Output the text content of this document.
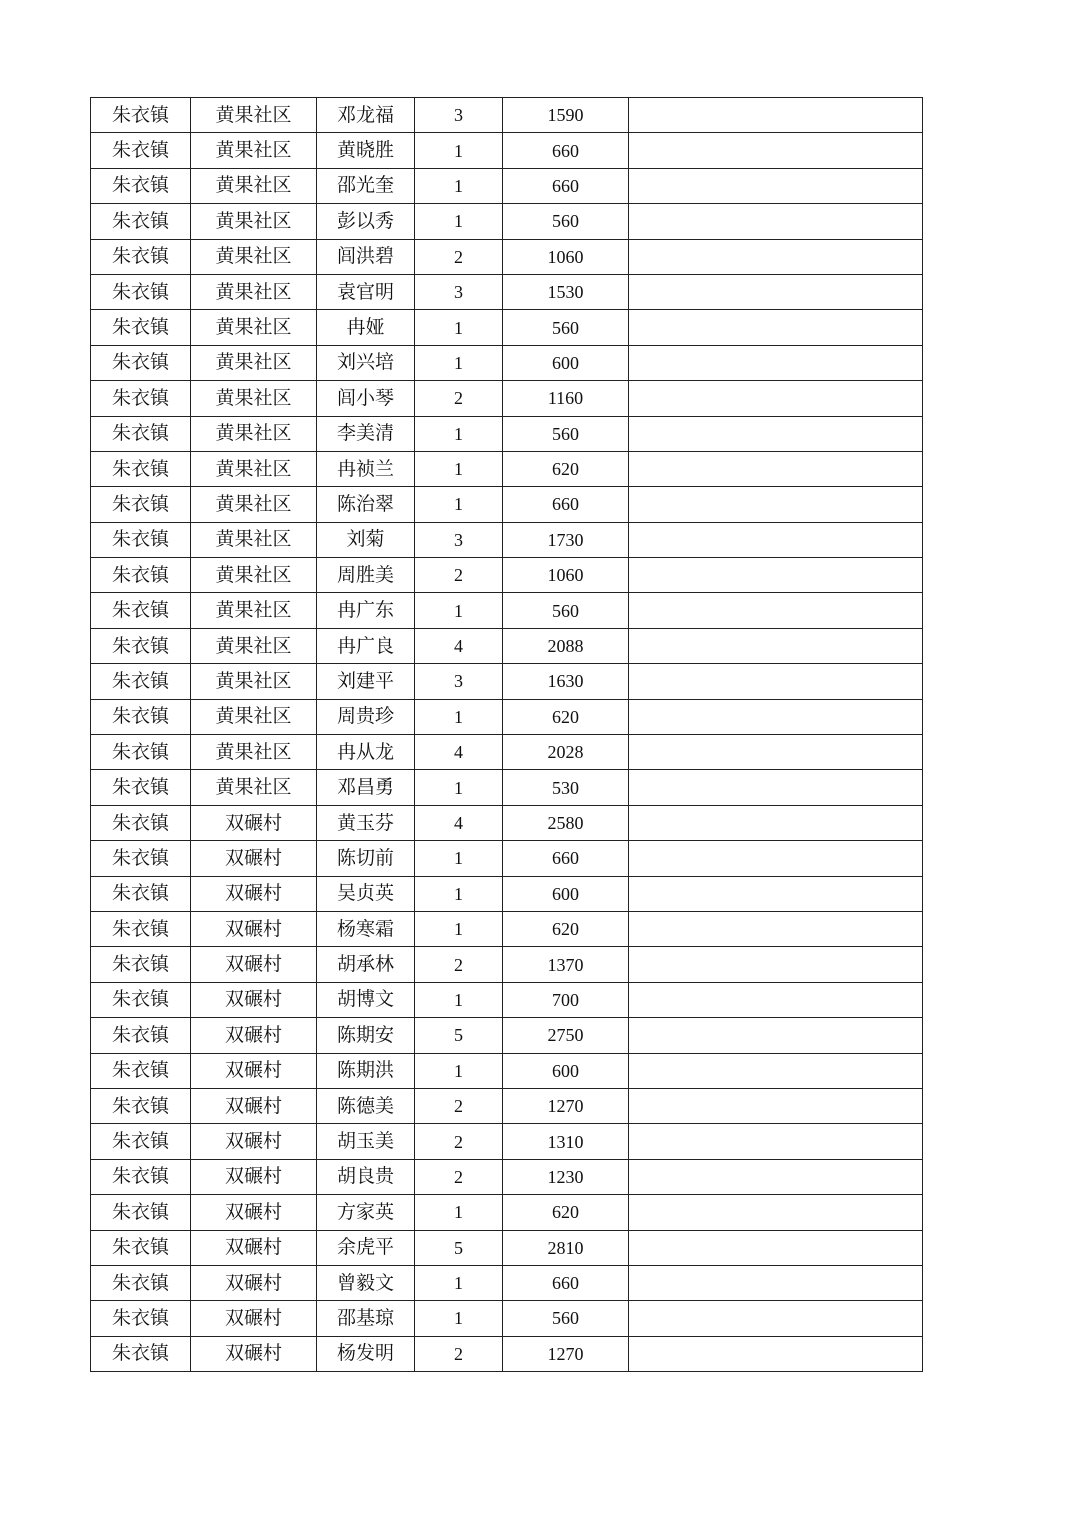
朱衣镇	黄果社区	邓龙福	3	1590	
朱衣镇	黄果社区	黄晓胜	1	660	
朱衣镇	黄果社区	邵光奎	1	660	
朱衣镇	黄果社区	彭以秀	1	560	
朱衣镇	黄果社区	闾洪碧	2	1060	
朱衣镇	黄果社区	袁官明	3	1530	
朱衣镇	黄果社区	冉娅	1	560	
朱衣镇	黄果社区	刘兴培	1	600	
朱衣镇	黄果社区	闾小琴	2	1160	
朱衣镇	黄果社区	李美清	1	560	
朱衣镇	黄果社区	冉祯兰	1	620	
朱衣镇	黄果社区	陈治翠	1	660	
朱衣镇	黄果社区	刘菊	3	1730	
朱衣镇	黄果社区	周胜美	2	1060	
朱衣镇	黄果社区	冉广东	1	560	
朱衣镇	黄果社区	冉广良	4	2088	
朱衣镇	黄果社区	刘建平	3	1630	
朱衣镇	黄果社区	周贵珍	1	620	
朱衣镇	黄果社区	冉从龙	4	2028	
朱衣镇	黄果社区	邓昌勇	1	530	
朱衣镇	双碾村	黄玉芬	4	2580	
朱衣镇	双碾村	陈切前	1	660	
朱衣镇	双碾村	吴贞英	1	600	
朱衣镇	双碾村	杨寒霜	1	620	
朱衣镇	双碾村	胡承林	2	1370	
朱衣镇	双碾村	胡博文	1	700	
朱衣镇	双碾村	陈期安	5	2750	
朱衣镇	双碾村	陈期洪	1	600	
朱衣镇	双碾村	陈德美	2	1270	
朱衣镇	双碾村	胡玉美	2	1310	
朱衣镇	双碾村	胡良贵	2	1230	
朱衣镇	双碾村	方家英	1	620	
朱衣镇	双碾村	余虎平	5	2810	
朱衣镇	双碾村	曾毅文	1	660	
朱衣镇	双碾村	邵基琼	1	560	
朱衣镇	双碾村	杨发明	2	1270	
